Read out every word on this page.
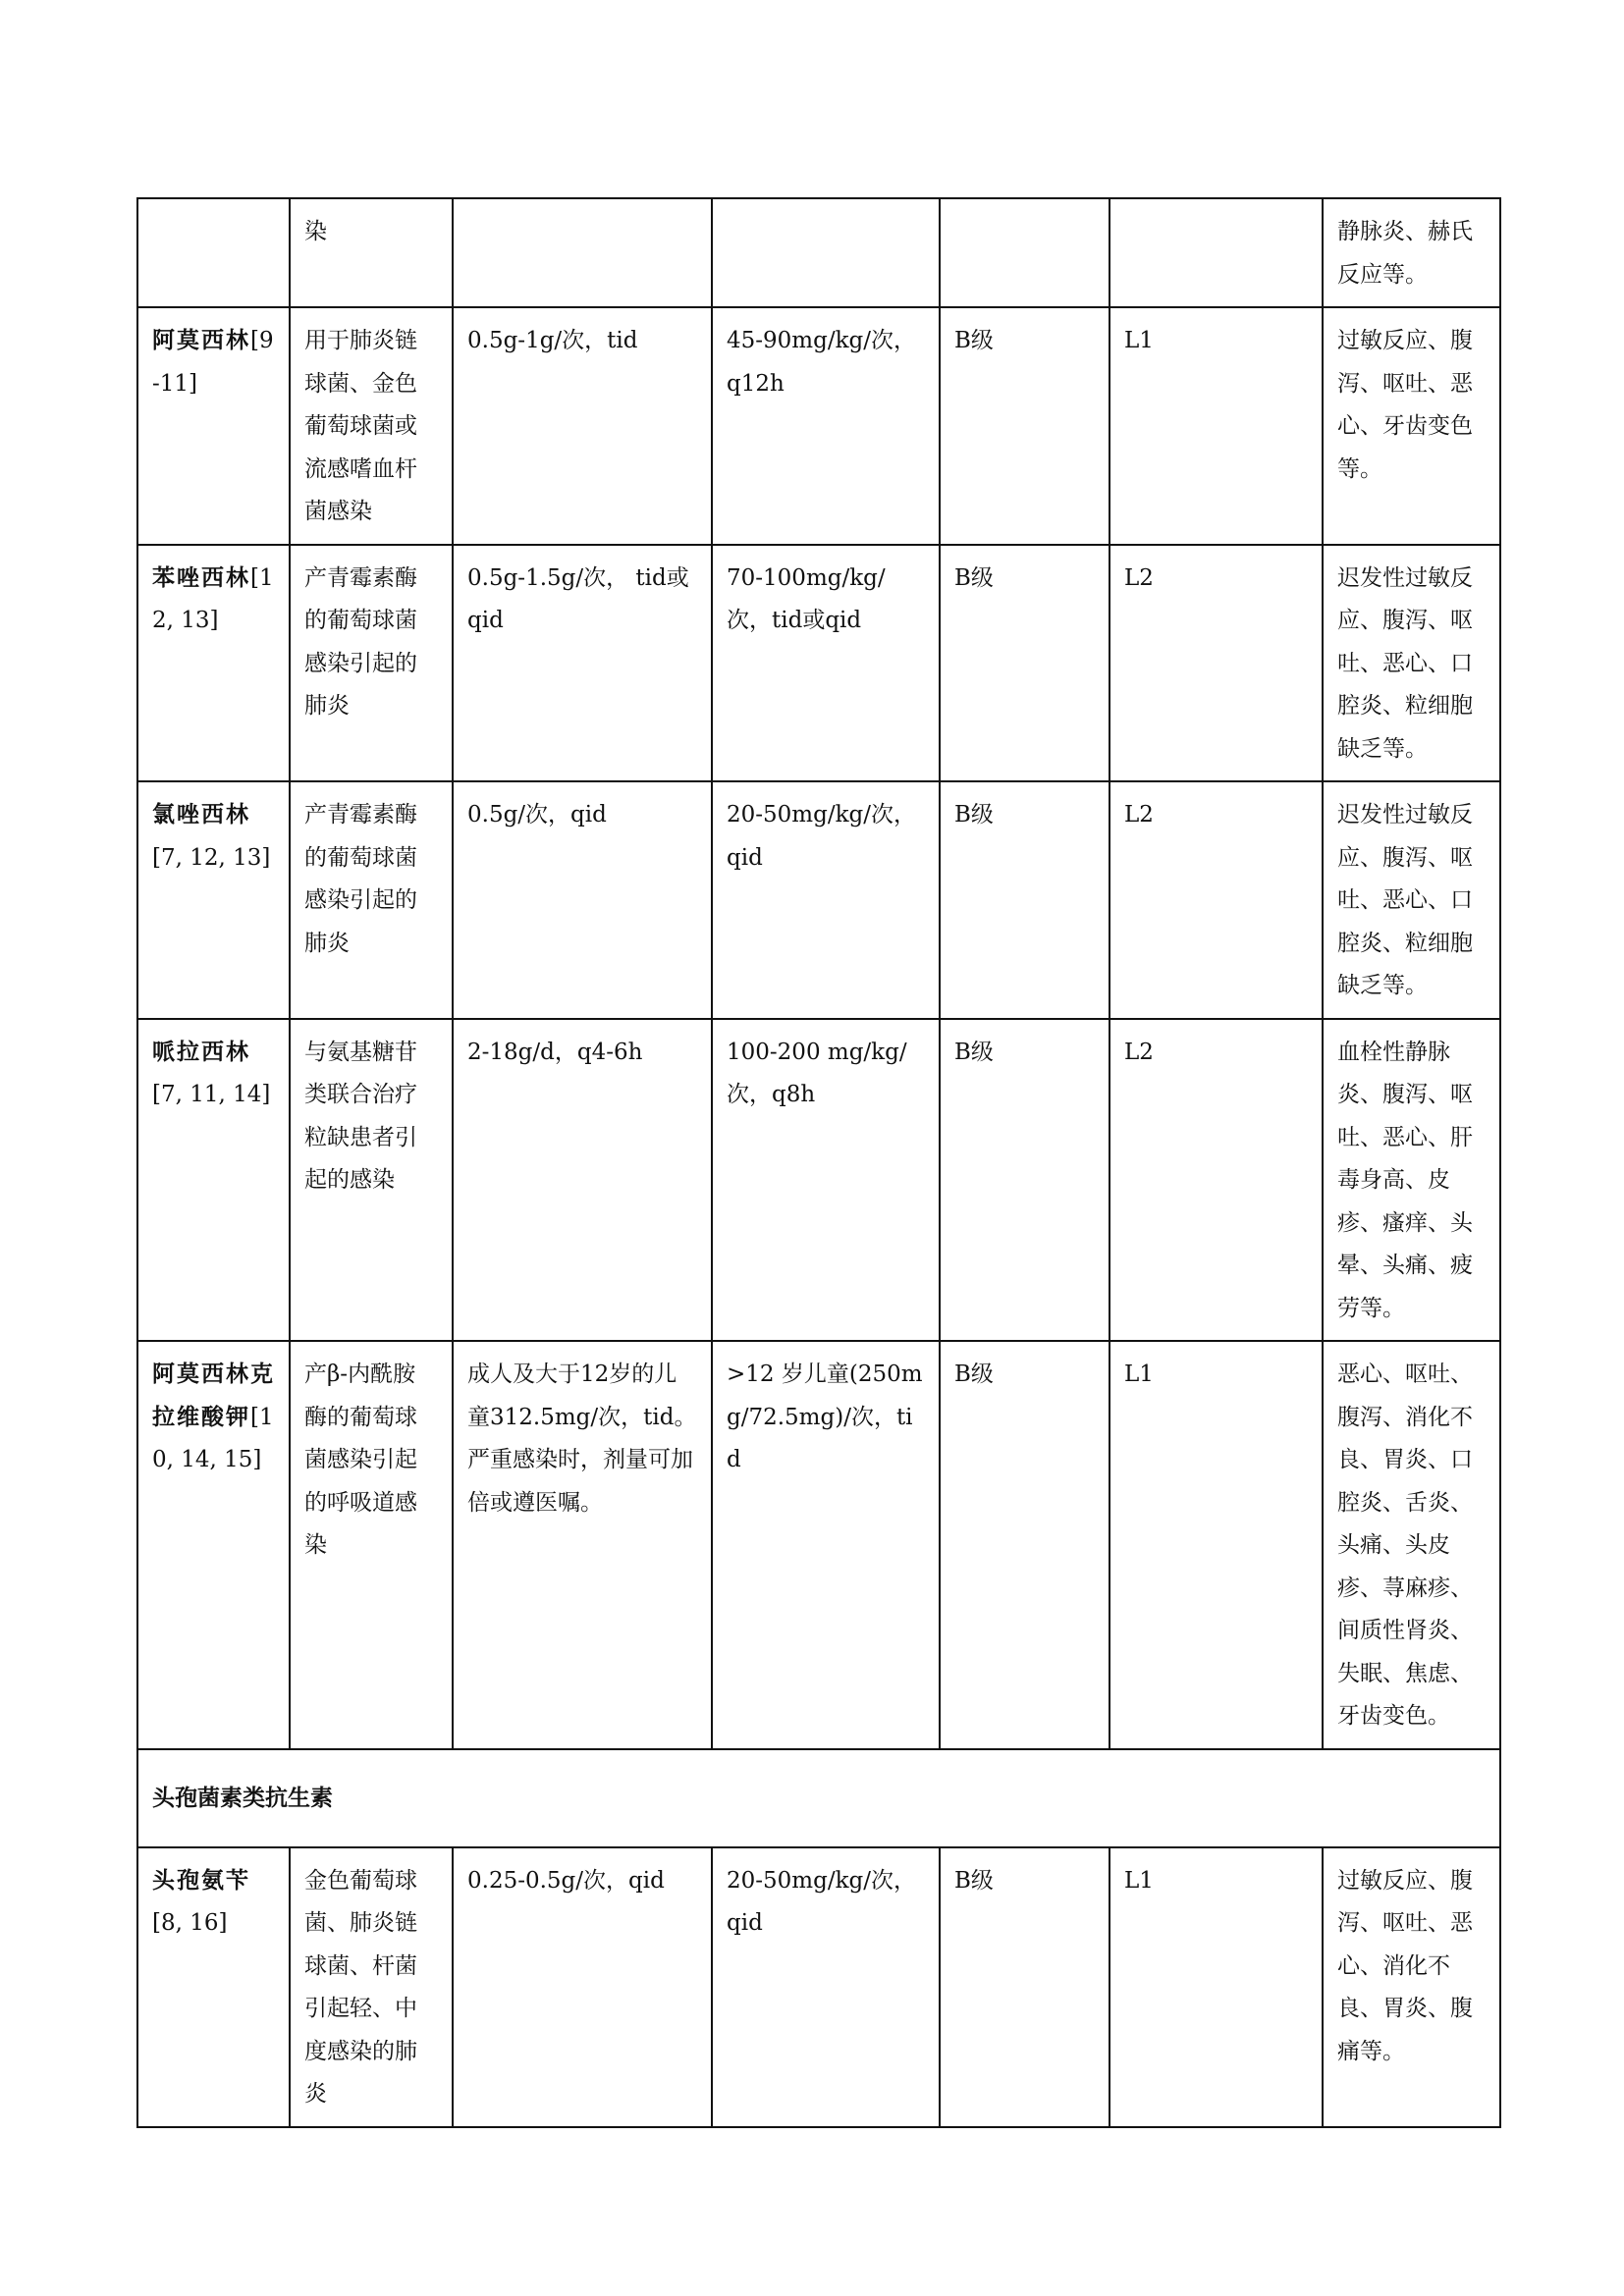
	染					静脉炎、赫氏反应等。
阿莫西林[9-11]	用于肺炎链球菌、金色葡萄球菌或流感嗜血杆菌感染	0.5g-1g/次，tid	45-90mg/kg/次，q12h	B级	L1	过敏反应、腹泻、呕吐、恶心、牙齿变色等。
苯唑西林[12, 13]	产青霉素酶的葡萄球菌感染引起的肺炎	0.5g-1.5g/次， tid或qid	70-100mg/kg/次，tid或qid	B级	L2	迟发性过敏反应、腹泻、呕吐、恶心、口腔炎、粒细胞缺乏等。
氯唑西林[7, 12, 13]	产青霉素酶的葡萄球菌感染引起的肺炎	0.5g/次，qid	20-50mg/kg/次，qid	B级	L2	迟发性过敏反应、腹泻、呕吐、恶心、口腔炎、粒细胞缺乏等。
哌拉西林[7, 11, 14]	与氨基糖苷类联合治疗粒缺患者引起的感染	2-18g/d，q4-6h	100-200 mg/kg/次，q8h	B级	L2	血栓性静脉炎、腹泻、呕吐、恶心、肝毒身高、皮疹、瘙痒、头晕、头痛、疲劳等。
阿莫西林克拉维酸钾[10, 14, 15]	产β-内酰胺酶的葡萄球菌感染引起的呼吸道感染	成人及大于12岁的儿童312.5mg/次，tid。严重感染时，剂量可加倍或遵医嘱。	>12 岁儿童(250mg/72.5mg)/次，tid	B级	L1	恶心、呕吐、腹泻、消化不良、胃炎、口腔炎、舌炎、头痛、头皮疹、荨麻疹、间质性肾炎、失眠、焦虑、牙齿变色。
头孢菌素类抗生素						
头孢氨苄[8, 16]	金色葡萄球菌、肺炎链球菌、杆菌引起轻、中度感染的肺炎	0.25-0.5g/次，qid	20-50mg/kg/次，qid	B级	L1	过敏反应、腹泻、呕吐、恶心、消化不良、胃炎、腹痛等。
